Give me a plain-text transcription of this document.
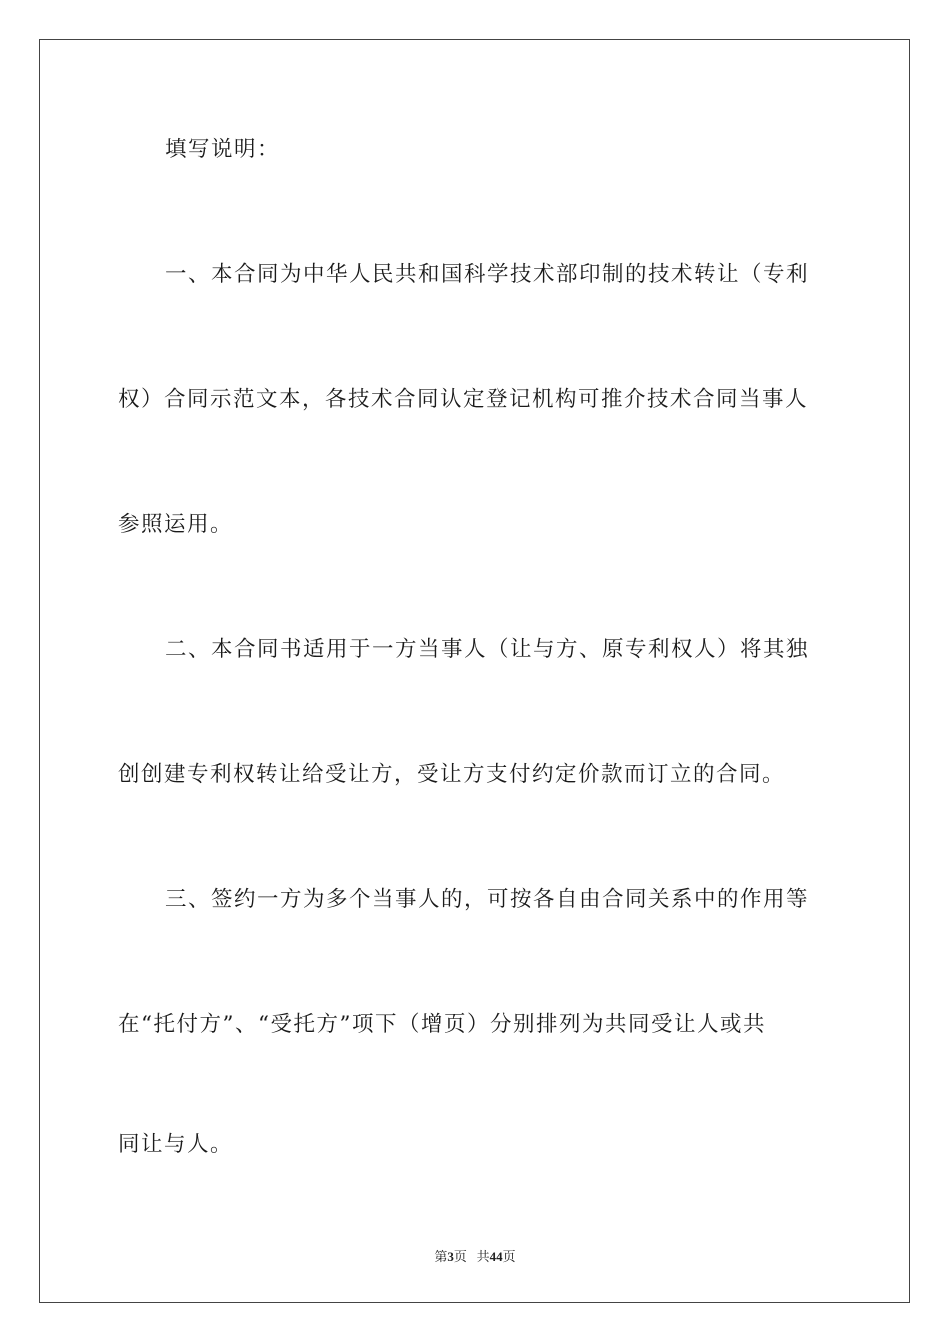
填写说明：
一、本合同为中华人民共和国科学技术部印制的技术转让（专利
权）合同示范文本，各技术合同认定登记机构可推介技术合同当事人
参照运用。
二、本合同书适用于一方当事人（让与方、原专利权人）将其独
创创建专利权转让给受让方，受让方支付约定价款而订立的合同。
三、签约一方为多个当事人的，可按各自由合同关系中的作用等
在“托付方”、“受托方”项下（增页）分别排列为共同受让人或共
同让与人。
第3页 共44页
